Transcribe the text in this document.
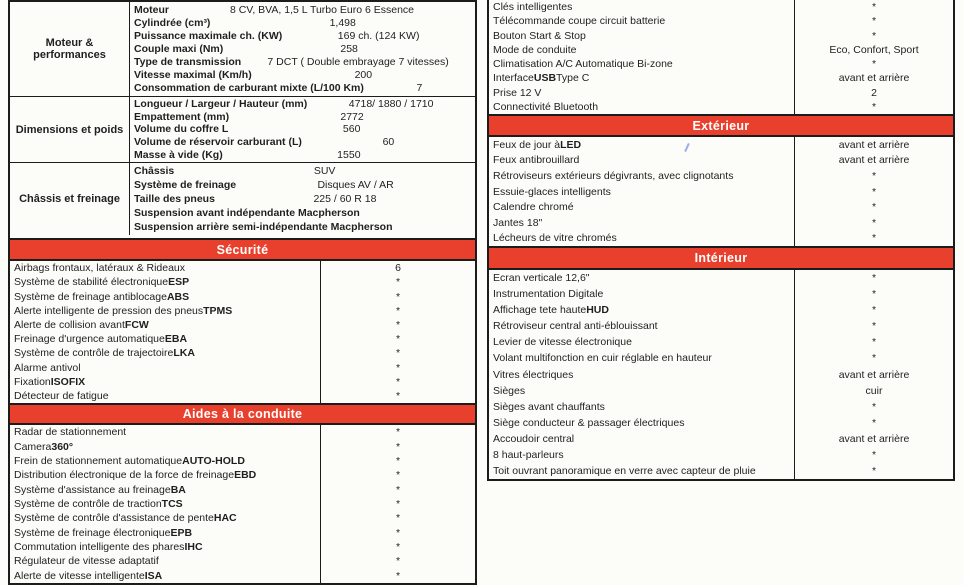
Moteur & performances
Moteur	8 CV, BVA, 1,5 L Turbo Euro 6 Essence
Cylindrée (cm³)	1,498
Puissance maximale ch. (KW)	169 ch. (124 KW)
Couple maxi (Nm)	258
Type de transmission	7 DCT ( Double embrayage 7 vitesses)
Vitesse maximal (Km/h)	200
Consommation de carburant mixte (L/100 Km)	7
Dimensions et poids
Longueur / Largeur / Hauteur (mm)	4718/ 1880 / 1710
Empattement (mm)	2772
Volume du coffre L	560
Volume de réservoir carburant (L)	60
Masse à vide (Kg)	1550
Châssis et freinage
Châssis	SUV
Système de freinage	Disques AV / AR
Taille des pneus	225 / 60 R 18
Suspension avant indépendante Macpherson
Suspension arrière semi-indépendante Macpherson
Sécurité
Airbags frontaux, latéraux & Rideaux	6
Système de stabilité électronique ESP	*
Système de freinage antiblocage ABS	*
Alerte intelligente de pression des pneus TPMS	*
Alerte de collision avant FCW	*
Freinage d'urgence automatique EBA	*
Système de contrôle de trajectoire LKA	*
Alarme antivol	*
Fixation ISOFIX	*
Détecteur de fatigue	*
Aides à la conduite
Radar de stationnement	*
Camera 360°	*
Frein de stationnement automatique AUTO-HOLD	*
Distribution électronique de la force de freinage EBD	*
Système d'assistance au freinage BA	*
Système de contrôle de traction TCS	*
Système de contrôle d'assistance de pente HAC	*
Système de freinage électronique EPB	*
Commutation intelligente des phares IHC	*
Régulateur de vitesse adaptatif	*
Alerte de vitesse intelligente ISA	*
Clés intelligentes	*
Télécommande coupe circuit batterie	*
Bouton Start & Stop	*
Mode de conduite	Eco, Confort, Sport
Climatisation A/C Automatique Bi-zone	*
Interface USB Type C	avant et arrière
Prise 12 V	2
Connectivité Bluetooth	*
Extérieur
Feux de jour à LED	avant et arrière
Feux antibrouillard	avant et arrière
Rétroviseurs extérieurs dégivrants, avec clignotants	*
Essuie-glaces intelligents	*
Calendre chromé	*
Jantes 18"	*
Lécheurs de vitre chromés	*
Intérieur
Ecran verticale 12,6"	*
Instrumentation Digitale	*
Affichage tete haute HUD	*
Rétroviseur central anti-éblouissant	*
Levier de vitesse électronique	*
Volant multifonction en cuir réglable en hauteur	*
Vitres électriques	avant et arrière
Sièges	cuir
Sièges avant chauffants	*
Siège conducteur & passager électriques	*
Accoudoir central	avant et arrière
8 haut-parleurs	*
Toit ouvrant panoramique en verre avec capteur de pluie	*
